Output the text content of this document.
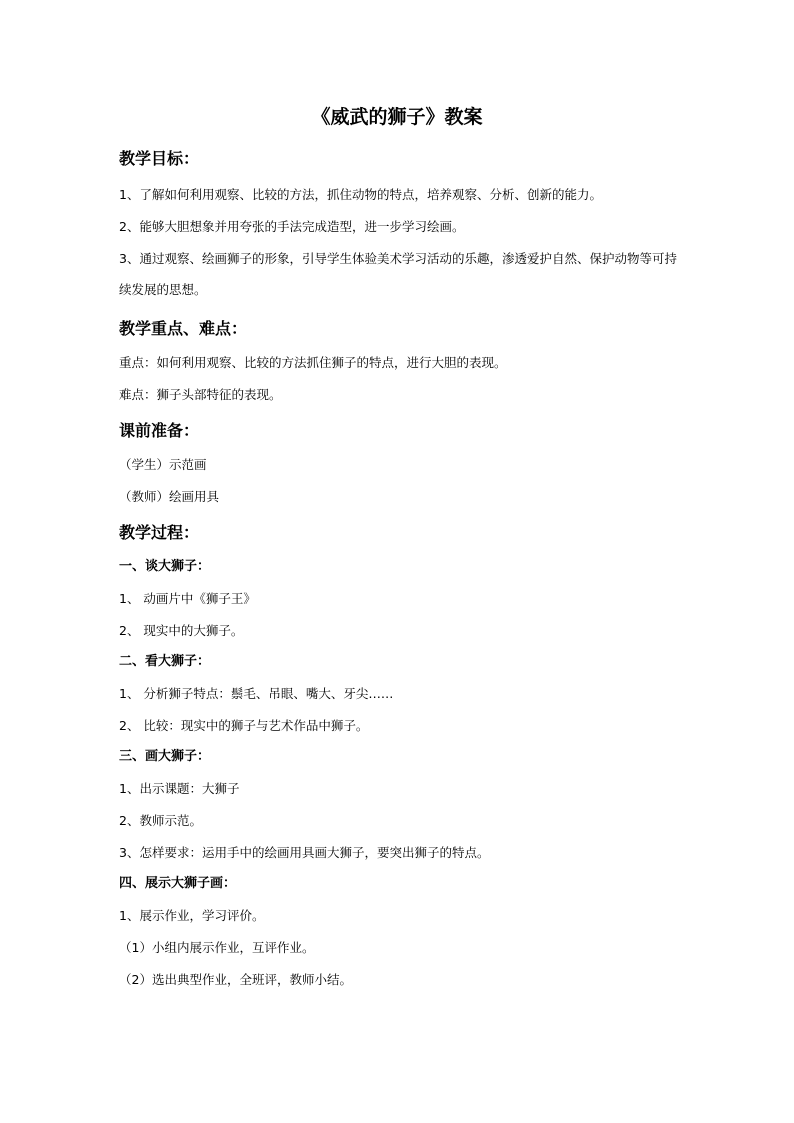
《威武的狮子》教案
教学目标：

1、了解如何利用观察、比较的方法，抓住动物的特点，培养观察、分析、创新的能力。

2、能够大胆想象并用夸张的手法完成造型，进一步学习绘画。

3、通过观察、绘画狮子的形象，引导学生体验美术学习活动的乐趣，渗透爱护自然、保护动物等可持续发展的思想。

教学重点、难点：

重点：如何利用观察、比较的方法抓住狮子的特点，进行大胆的表现。

难点：狮子头部特征的表现。

课前准备：

（学生）示范画

（教师）绘画用具

教学过程：

一、谈大狮子：

1、 动画片中《狮子王》

2、 现实中的大狮子。

二、看大狮子：

1、 分析狮子特点：鬃毛、吊眼、嘴大、牙尖……

2、 比较：现实中的狮子与艺术作品中狮子。

三、画大狮子：

1、出示课题：大狮子

2、教师示范。

3、怎样要求：运用手中的绘画用具画大狮子，要突出狮子的特点。

四、展示大狮子画：

1、展示作业，学习评价。

（1）小组内展示作业，互评作业。

（2）选出典型作业，全班评，教师小结。
